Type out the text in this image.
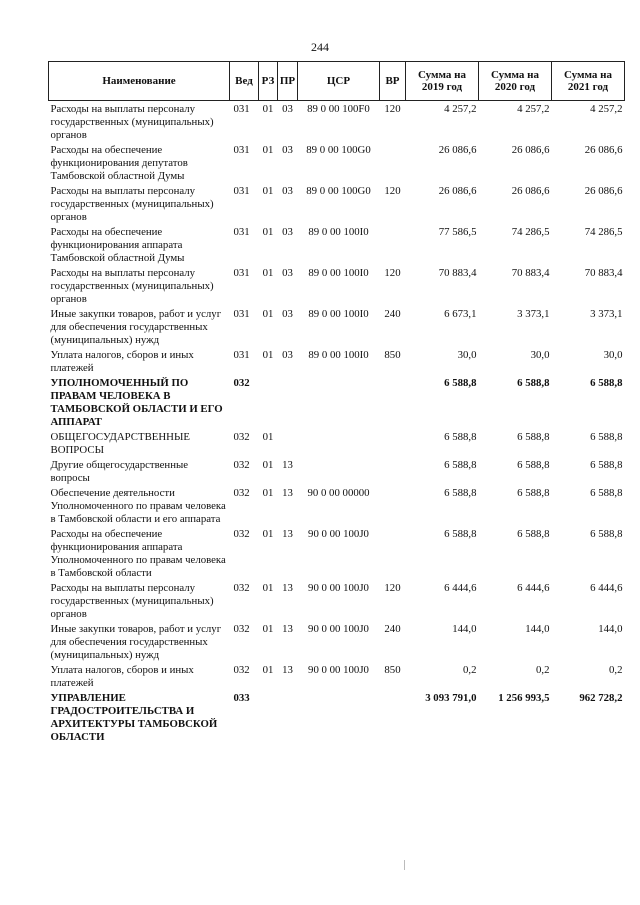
244
Наименование	Вед	РЗ	ПР	ЦСР	ВР	Сумма на 2019 год	Сумма на 2020 год	Сумма на 2021 год
Расходы на выплаты персоналу государственных (муниципальных) органов	031	01	03	89 0 00 100F0	120	4 257,2	4 257,2	4 257,2
Расходы на обеспечение функционирования депутатов Тамбовской областной Думы	031	01	03	89 0 00 100G0		26 086,6	26 086,6	26 086,6
Расходы на выплаты персоналу государственных (муниципальных) органов	031	01	03	89 0 00 100G0	120	26 086,6	26 086,6	26 086,6
Расходы на обеспечение функционирования аппарата Тамбовской областной Думы	031	01	03	89 0 00 100I0		77 586,5	74 286,5	74 286,5
Расходы на выплаты персоналу государственных (муниципальных) органов	031	01	03	89 0 00 100I0	120	70 883,4	70 883,4	70 883,4
Иные закупки товаров, работ и услуг для обеспечения государственных (муниципальных) нужд	031	01	03	89 0 00 100I0	240	6 673,1	3 373,1	3 373,1
Уплата налогов, сборов и иных платежей	031	01	03	89 0 00 100I0	850	30,0	30,0	30,0
УПОЛНОМОЧЕННЫЙ ПО ПРАВАМ ЧЕЛОВЕКА В ТАМБОВСКОЙ ОБЛАСТИ И ЕГО АППАРАТ	032					6 588,8	6 588,8	6 588,8
ОБЩЕГОСУДАРСТВЕННЫЕ ВОПРОСЫ	032	01				6 588,8	6 588,8	6 588,8
Другие общегосударственные вопросы	032	01	13			6 588,8	6 588,8	6 588,8
Обеспечение деятельности Уполномоченного по правам человека в Тамбовской области и его аппарата	032	01	13	90 0 00 00000		6 588,8	6 588,8	6 588,8
Расходы на обеспечение функционирования аппарата Уполномоченного по правам человека в Тамбовской области	032	01	13	90 0 00 100J0		6 588,8	6 588,8	6 588,8
Расходы на выплаты персоналу государственных (муниципальных) органов	032	01	13	90 0 00 100J0	120	6 444,6	6 444,6	6 444,6
Иные закупки товаров, работ и услуг для обеспечения государственных (муниципальных) нужд	032	01	13	90 0 00 100J0	240	144,0	144,0	144,0
Уплата налогов, сборов и иных платежей	032	01	13	90 0 00 100J0	850	0,2	0,2	0,2
УПРАВЛЕНИЕ ГРАДОСТРОИТЕЛЬСТВА И АРХИТЕКТУРЫ ТАМБОВСКОЙ ОБЛАСТИ	033					3 093 791,0	1 256 993,5	962 728,2
